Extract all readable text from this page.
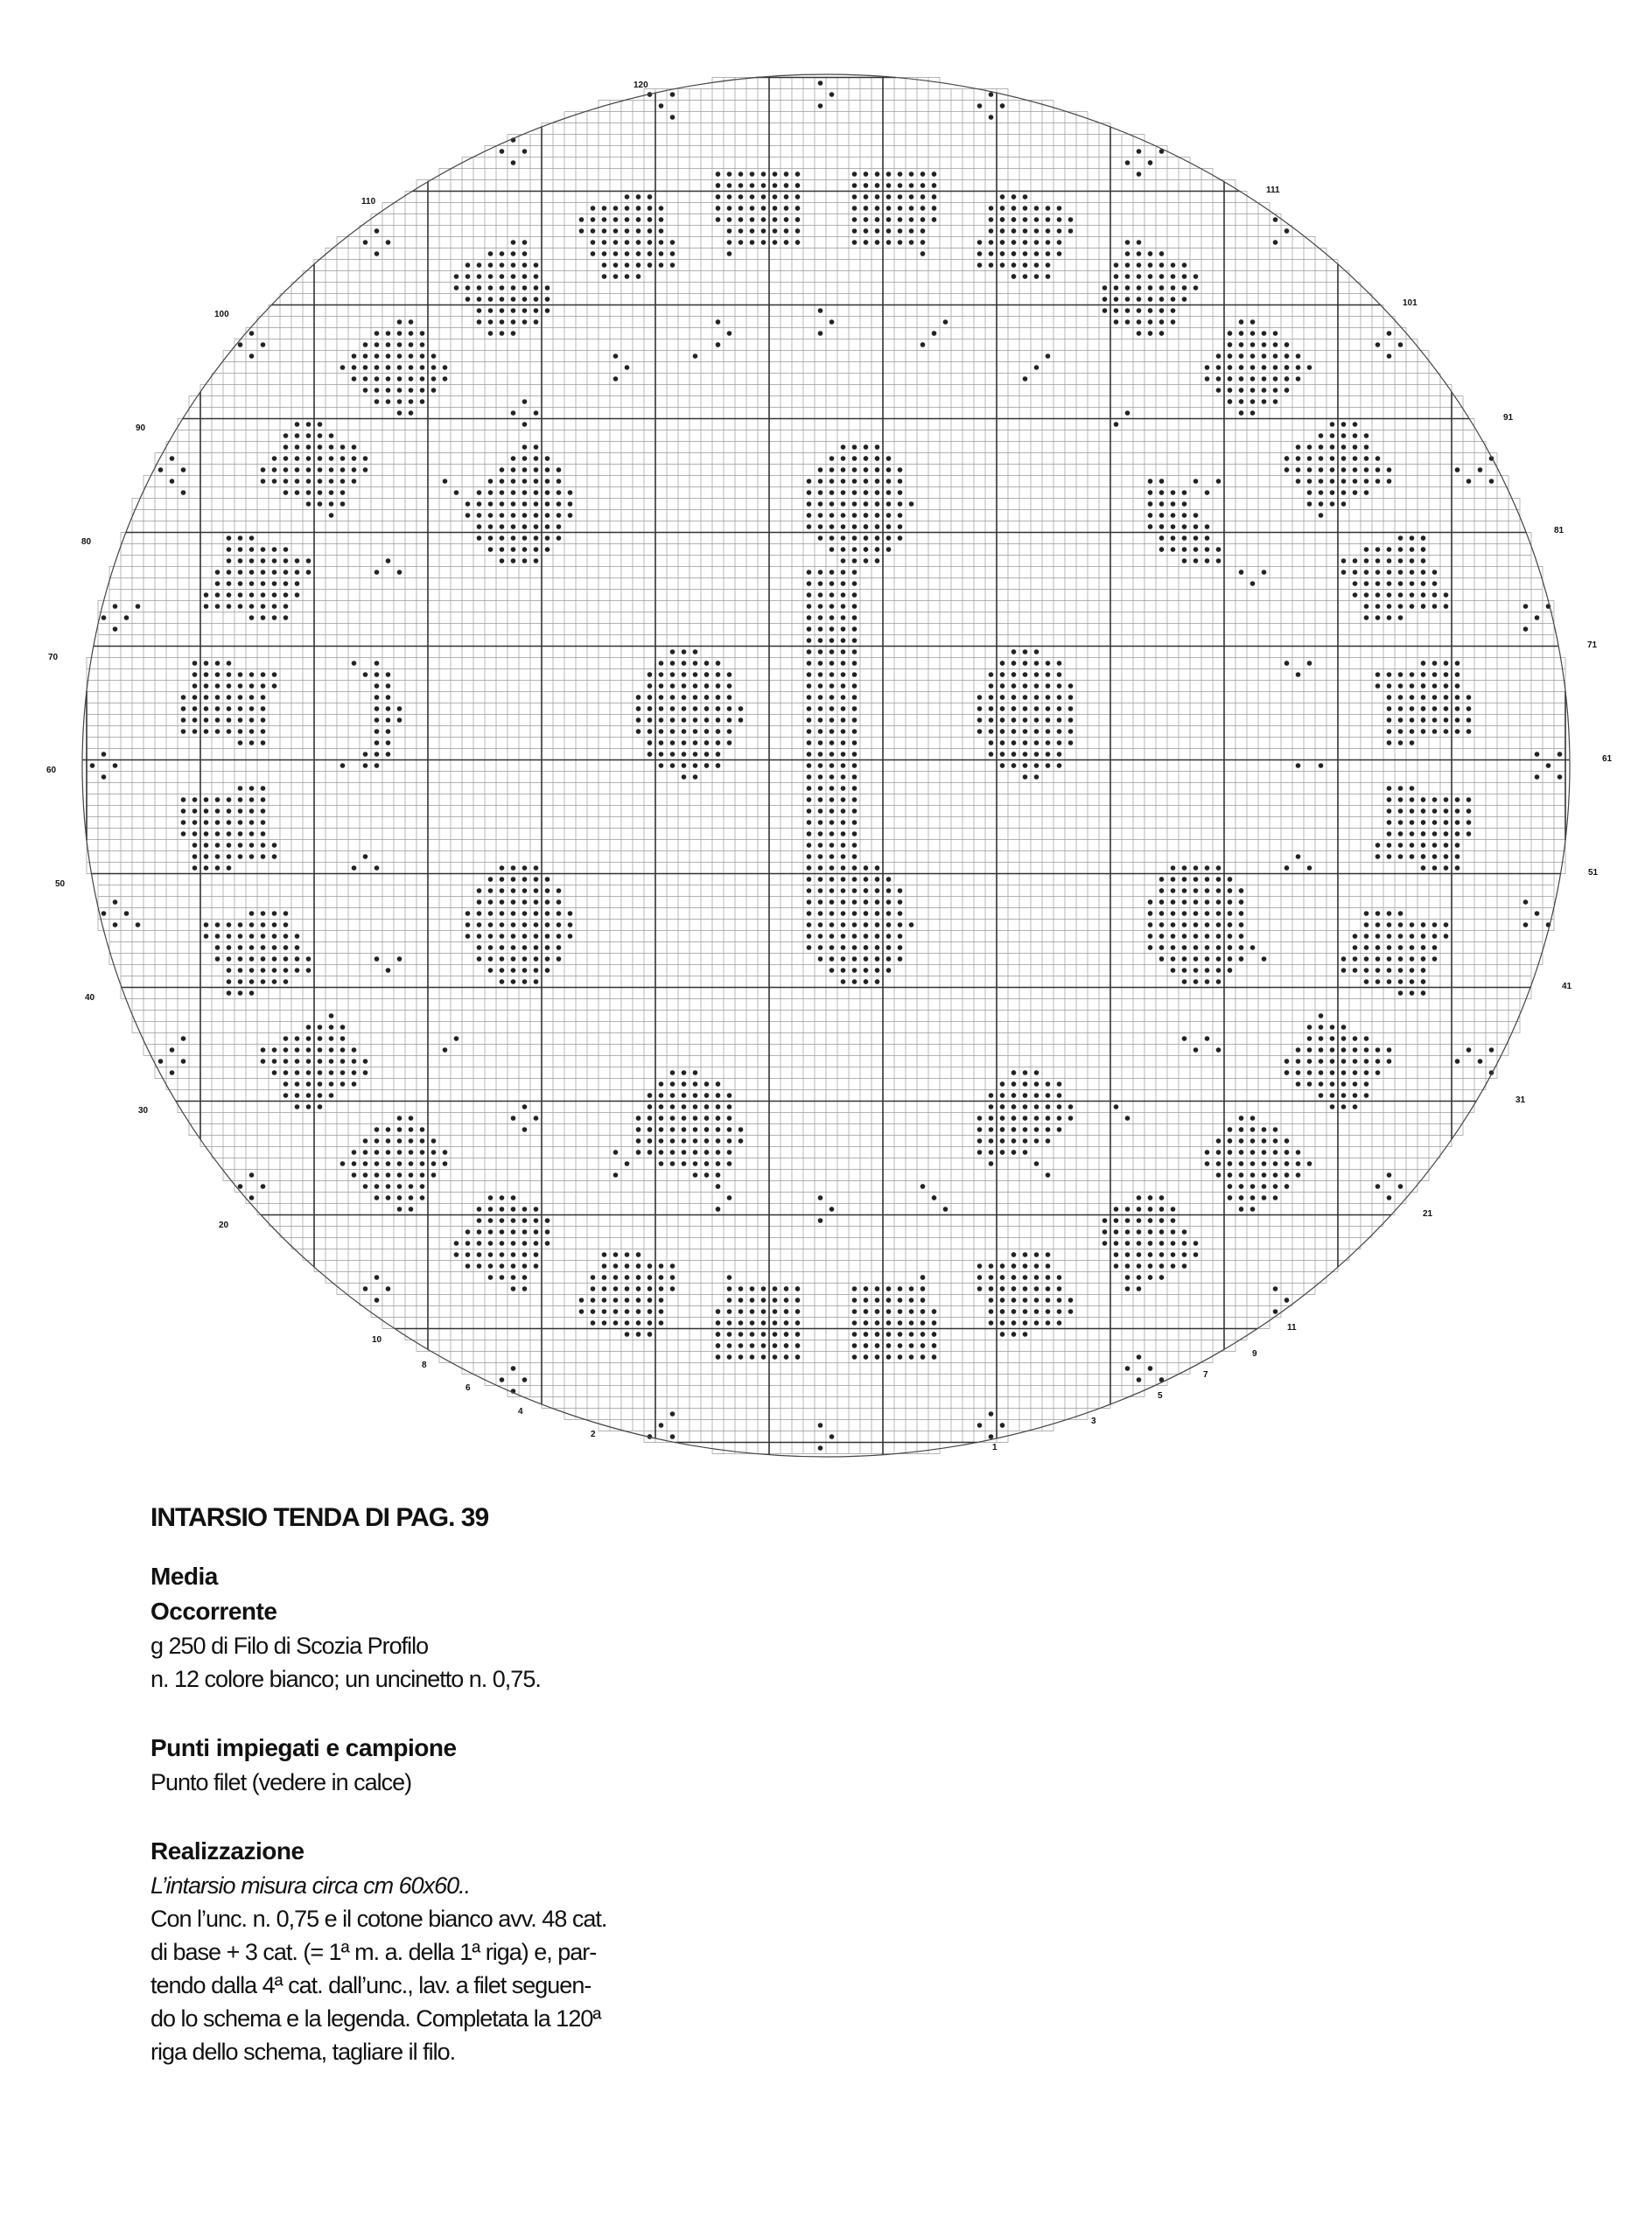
120
110
111
100
101
90
91
80
81
70
71
60
61
50
51
40
41
30
31
20
21
10
11
9
8
7
6
5
4
3
2
1

INTARSIO TENDA DI PAG. 39

Media

Occorrente

g 250 di Filo di Scozia Profilo

n. 12 colore bianco; un uncinetto n. 0,75.

Punti impiegati e campione

Punto filet (vedere in calce)

Realizzazione

L’intarsio misura circa cm 60x60..

Con l’unc. n. 0,75 e il cotone bianco avv. 48 cat.

di base + 3 cat. (= 1ª m. a. della 1ª riga) e, par-

tendo dalla 4ª cat. dall’unc., lav. a filet seguen-

do lo schema e la legenda. Completata la 120ª

riga dello schema, tagliare il filo.
